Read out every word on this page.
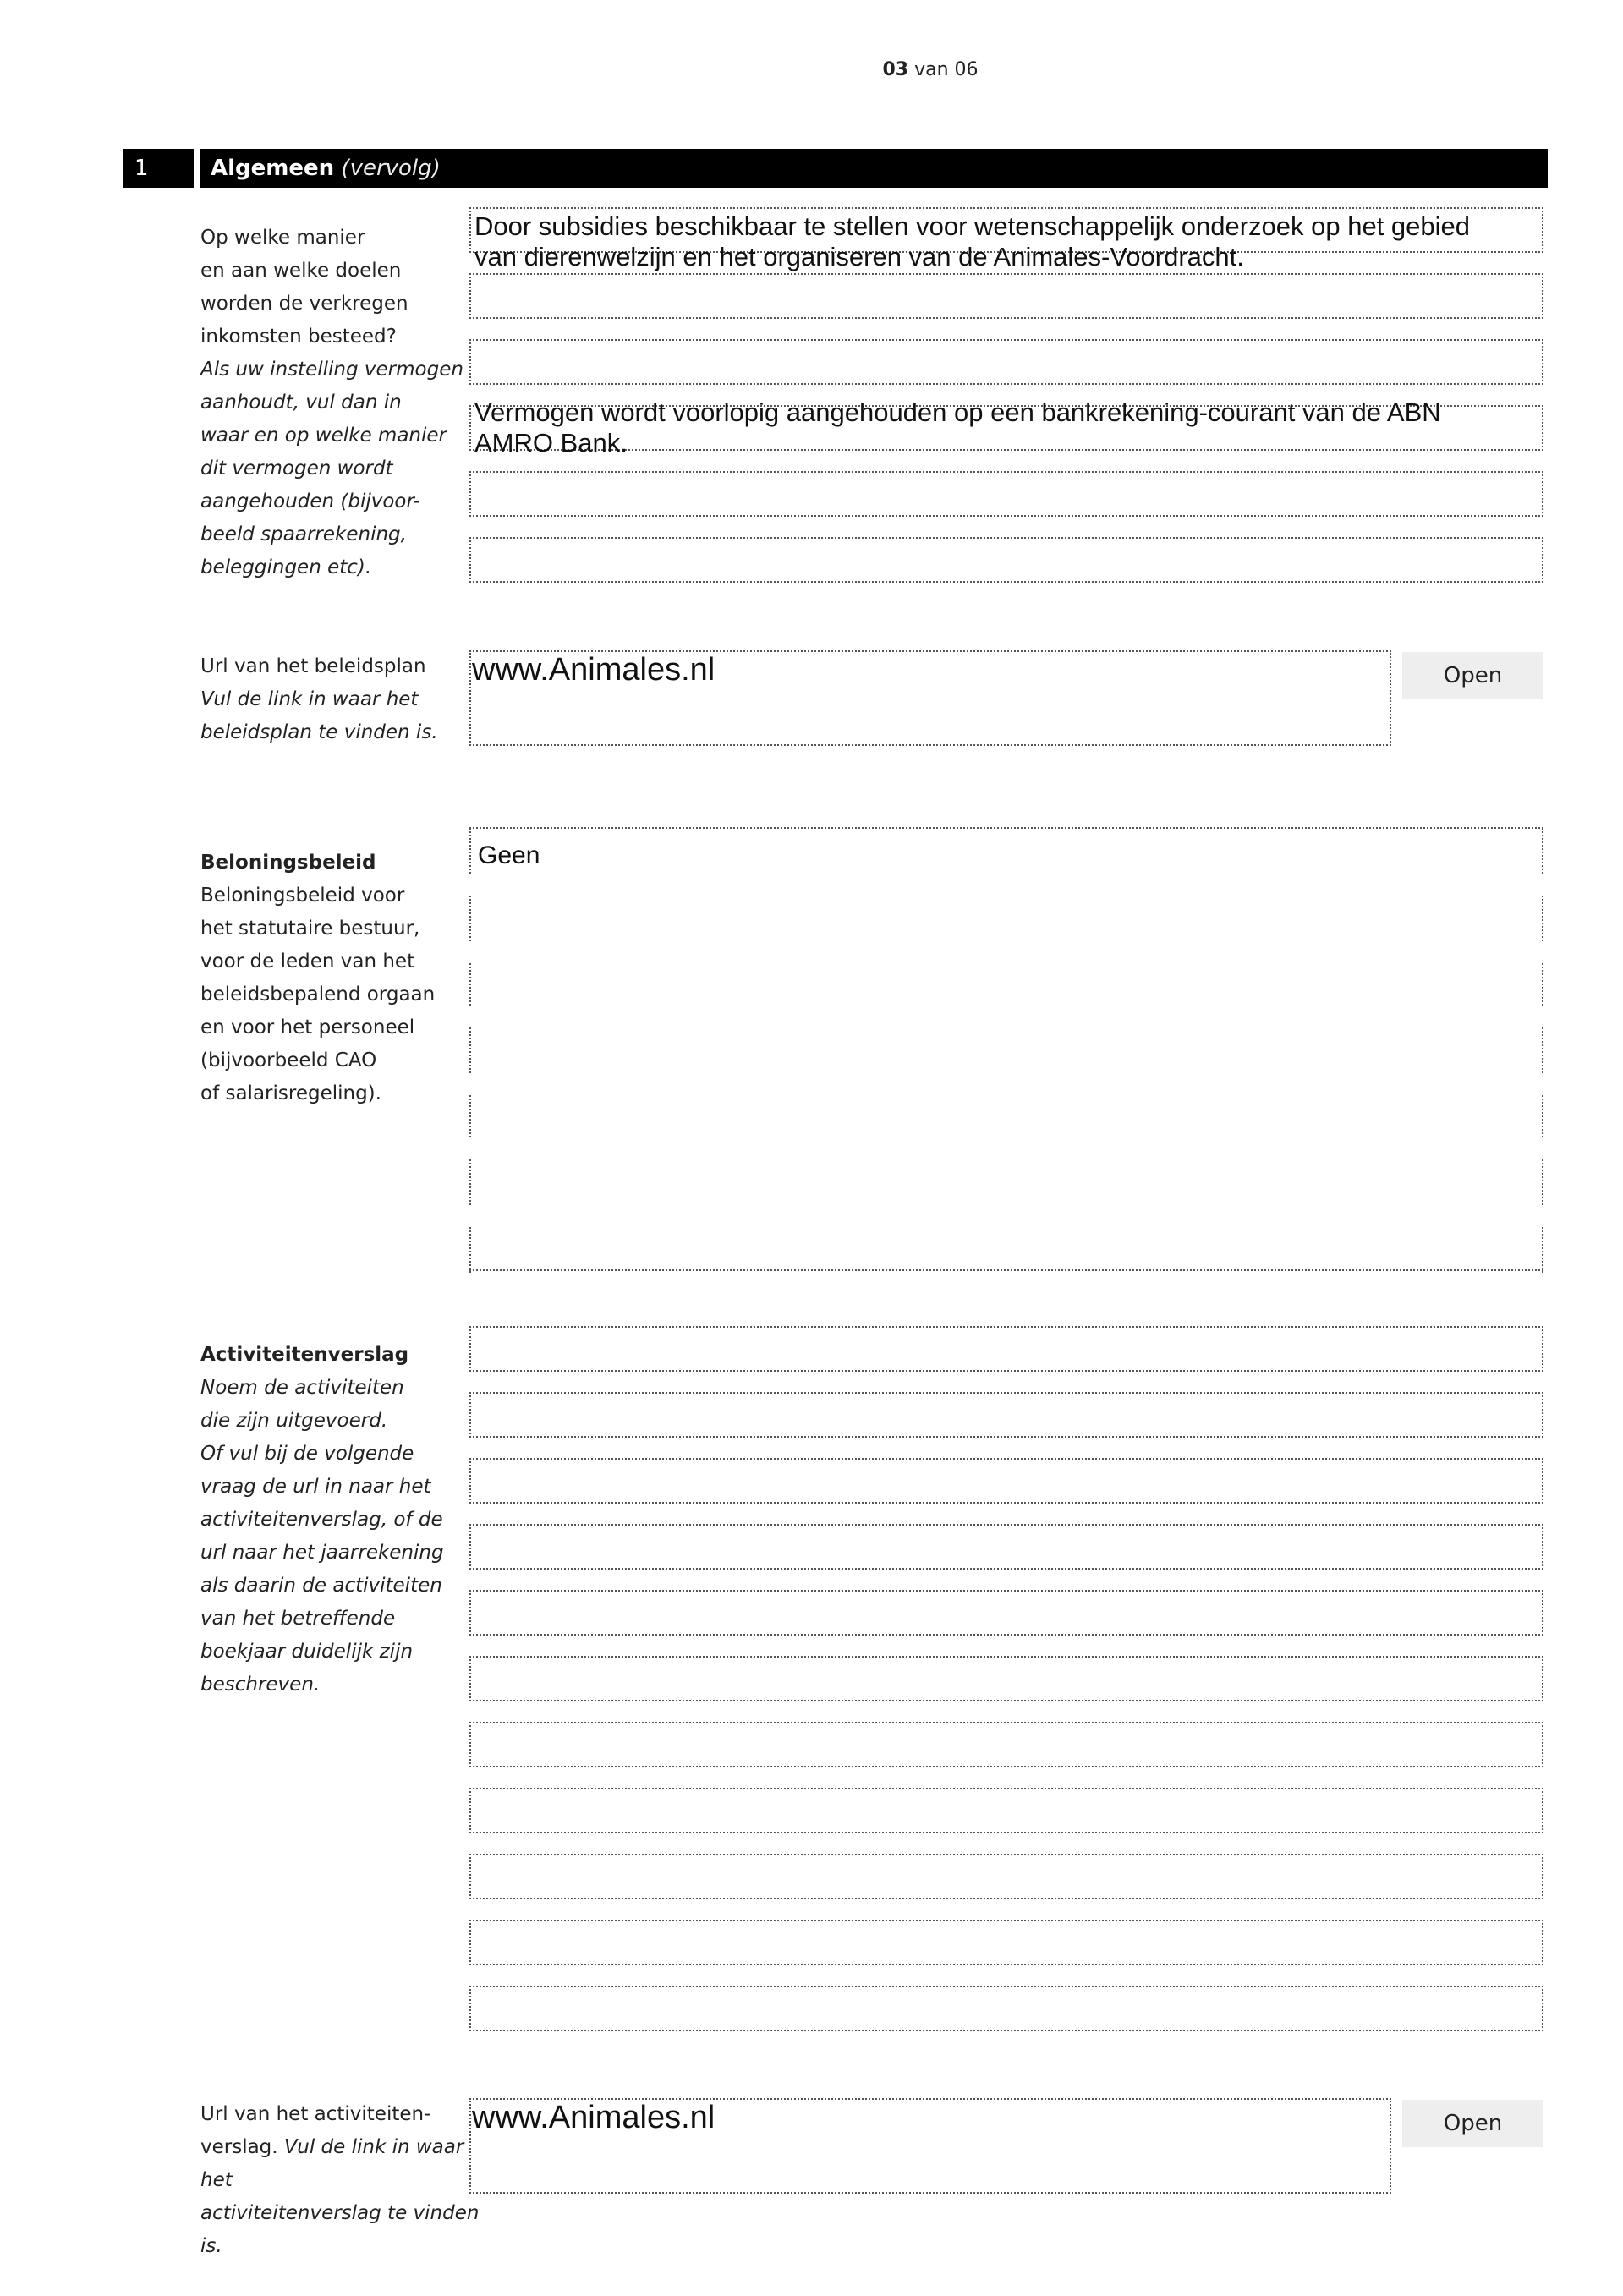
03 van 06
1	Algemeen (vervolg)
Op welke manier
en aan welke doelen
worden de verkregen
inkomsten besteed?
Als uw instelling vermogen
aanhoudt, vul dan in
waar en op welke manier
dit vermogen wordt
aangehouden (bijvoor-
beeld spaarrekening,
beleggingen etc).
Door subsidies beschikbaar te stellen voor wetenschappelijk onderzoek op het gebied
van dierenwelzijn en het organiseren van de Animales-Voordracht.
Vermogen wordt voorlopig aangehouden op een bankrekening-courant van de ABN
AMRO Bank.
Url van het beleidsplan
Vul de link in waar het
beleidsplan te vinden is.
www.Animales.nl	Open
Beloningsbeleid
Beloningsbeleid voor
het statutaire bestuur,
voor de leden van het
beleidsbepalend orgaan
en voor het personeel
(bijvoorbeeld CAO
of salarisregeling).
Geen
Activiteitenverslag
Noem de activiteiten
die zijn uitgevoerd.
Of vul bij de volgende
vraag de url in naar het
activiteitenverslag, of de
url naar het jaarrekening
als daarin de activiteiten
van het betreffende
boekjaar duidelijk zijn
beschreven.
Url van het activiteiten-
verslag. Vul de link in waar het
activiteitenverslag te vinden is.
www.Animales.nl	Open
